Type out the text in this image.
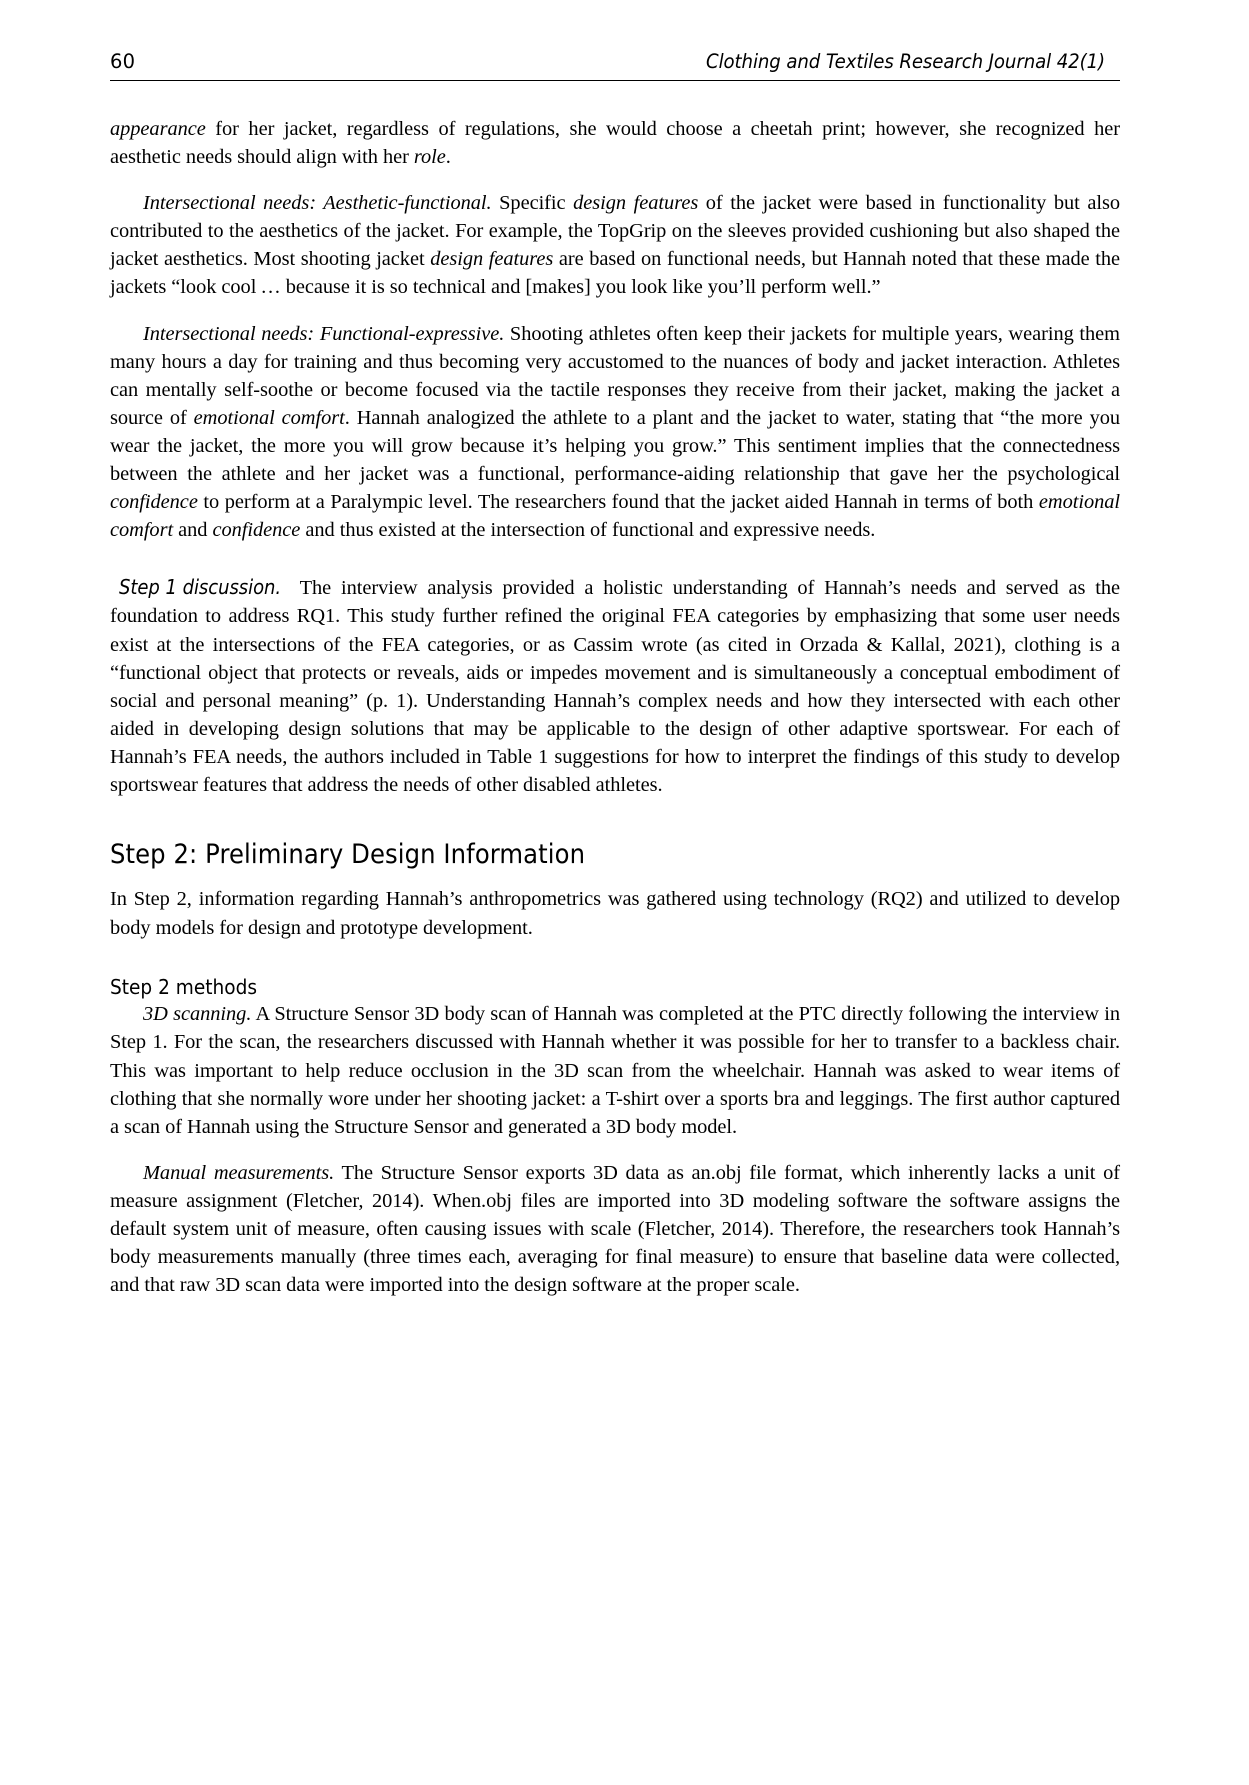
60	Clothing and Textiles Research Journal 42(1)

appearance for her jacket, regardless of regulations, she would choose a cheetah print; however, she recognized her aesthetic needs should align with her role.

Intersectional needs: Aesthetic-functional. Specific design features of the jacket were based in functionality but also contributed to the aesthetics of the jacket. For example, the TopGrip on the sleeves provided cushioning but also shaped the jacket aesthetics. Most shooting jacket design features are based on functional needs, but Hannah noted that these made the jackets “look cool … because it is so technical and [makes] you look like you’ll perform well.”

Intersectional needs: Functional-expressive. Shooting athletes often keep their jackets for multiple years, wearing them many hours a day for training and thus becoming very accustomed to the nuances of body and jacket interaction. Athletes can mentally self-soothe or become focused via the tactile responses they receive from their jacket, making the jacket a source of emotional comfort. Hannah analogized the athlete to a plant and the jacket to water, stating that “the more you wear the jacket, the more you will grow because it’s helping you grow.” This sentiment implies that the connectedness between the athlete and her jacket was a functional, performance-aiding relationship that gave her the psychological confidence to perform at a Paralympic level. The researchers found that the jacket aided Hannah in terms of both emotional comfort and confidence and thus existed at the intersection of functional and expressive needs.

Step 1 discussion. The interview analysis provided a holistic understanding of Hannah’s needs and served as the foundation to address RQ1. This study further refined the original FEA categories by emphasizing that some user needs exist at the intersections of the FEA categories, or as Cassim wrote (as cited in Orzada & Kallal, 2021), clothing is a “functional object that protects or reveals, aids or impedes movement and is simultaneously a conceptual embodiment of social and personal meaning” (p. 1). Understanding Hannah’s complex needs and how they intersected with each other aided in developing design solutions that may be applicable to the design of other adaptive sportswear. For each of Hannah’s FEA needs, the authors included in Table 1 suggestions for how to interpret the findings of this study to develop sportswear features that address the needs of other disabled athletes.

Step 2: Preliminary Design Information

In Step 2, information regarding Hannah’s anthropometrics was gathered using technology (RQ2) and utilized to develop body models for design and prototype development.

Step 2 methods

3D scanning. A Structure Sensor 3D body scan of Hannah was completed at the PTC directly following the interview in Step 1. For the scan, the researchers discussed with Hannah whether it was possible for her to transfer to a backless chair. This was important to help reduce occlusion in the 3D scan from the wheelchair. Hannah was asked to wear items of clothing that she normally wore under her shooting jacket: a T-shirt over a sports bra and leggings. The first author captured a scan of Hannah using the Structure Sensor and generated a 3D body model.

Manual measurements. The Structure Sensor exports 3D data as an.obj file format, which inherently lacks a unit of measure assignment (Fletcher, 2014). When.obj files are imported into 3D modeling software the software assigns the default system unit of measure, often causing issues with scale (Fletcher, 2014). Therefore, the researchers took Hannah’s body measurements manually (three times each, averaging for final measure) to ensure that baseline data were collected, and that raw 3D scan data were imported into the design software at the proper scale.
